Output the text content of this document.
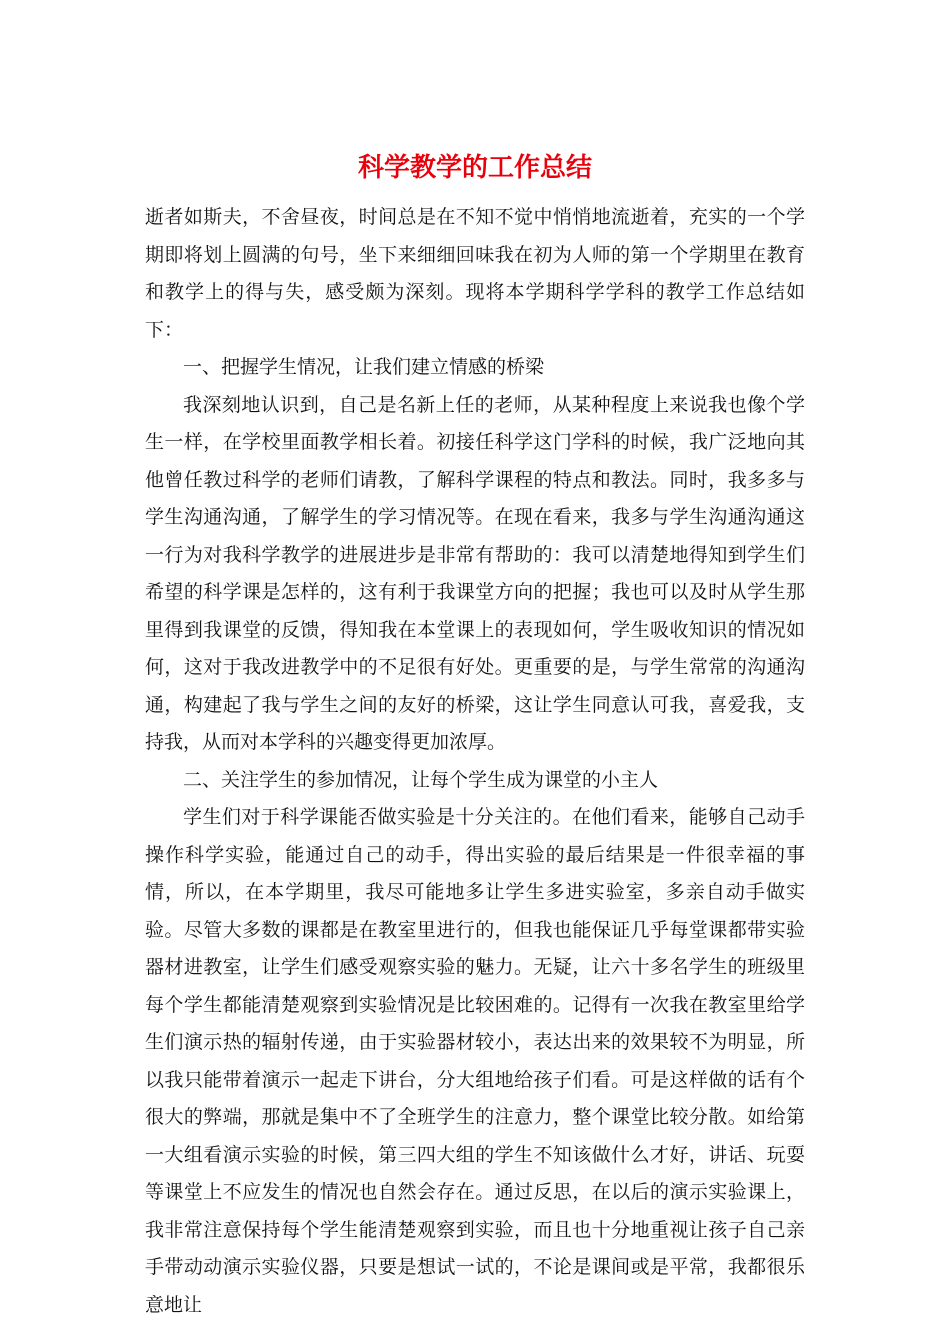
科学教学的工作总结

逝者如斯夫，不舍昼夜，时间总是在不知不觉中悄悄地流逝着，充实的一个学期即将划上圆满的句号，坐下来细细回味我在初为人师的第一个学期里在教育和教学上的得与失，感受颇为深刻。现将本学期科学学科的教学工作总结如下：

一、把握学生情况，让我们建立情感的桥梁

我深刻地认识到，自己是名新上任的老师，从某种程度上来说我也像个学生一样，在学校里面教学相长着。初接任科学这门学科的时候，我广泛地向其他曾任教过科学的老师们请教，了解科学课程的特点和教法。同时，我多多与学生沟通沟通，了解学生的学习情况等。在现在看来，我多与学生沟通沟通这一行为对我科学教学的进展进步是非常有帮助的：我可以清楚地得知到学生们希望的科学课是怎样的，这有利于我课堂方向的把握；我也可以及时从学生那里得到我课堂的反馈，得知我在本堂课上的表现如何，学生吸收知识的情况如何，这对于我改进教学中的不足很有好处。更重要的是，与学生常常的沟通沟通，构建起了我与学生之间的友好的桥梁，这让学生同意认可我，喜爱我，支持我，从而对本学科的兴趣变得更加浓厚。

二、关注学生的参加情况，让每个学生成为课堂的小主人

学生们对于科学课能否做实验是十分关注的。在他们看来，能够自己动手操作科学实验，能通过自己的动手，得出实验的最后结果是一件很幸福的事情，所以，在本学期里，我尽可能地多让学生多进实验室，多亲自动手做实验。尽管大多数的课都是在教室里进行的，但我也能保证几乎每堂课都带实验器材进教室，让学生们感受观察实验的魅力。无疑，让六十多名学生的班级里每个学生都能清楚观察到实验情况是比较困难的。记得有一次我在教室里给学生们演示热的辐射传递，由于实验器材较小，表达出来的效果较不为明显，所以我只能带着演示一起走下讲台，分大组地给孩子们看。可是这样做的话有个很大的弊端，那就是集中不了全班学生的注意力，整个课堂比较分散。如给第一大组看演示实验的时候，第三四大组的学生不知该做什么才好，讲话、玩耍等课堂上不应发生的情况也自然会存在。通过反思，在以后的演示实验课上，我非常注意保持每个学生能清楚观察到实验，而且也十分地重视让孩子自己亲手带动动演示实验仪器，只要是想试一试的，不论是课间或是平常，我都很乐意地让
